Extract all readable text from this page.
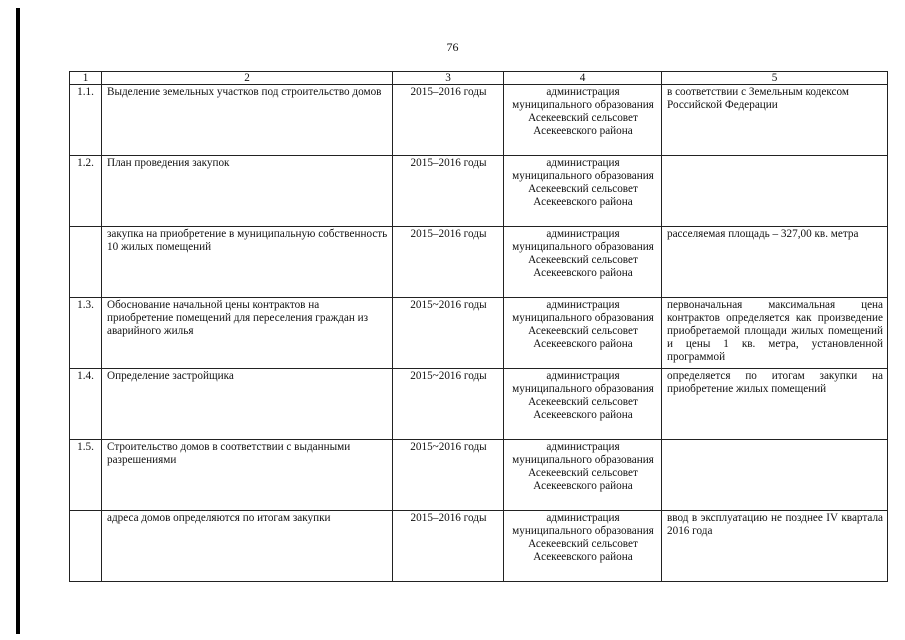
76
1	2	3	4	5
1.1.	Выделение земельных участков под строительство домов	2015–2016 годы	администрация муниципального образования Асекеевский сельсовет Асекеевского района	в соответствии с Земельным кодексом Российской Федерации
1.2.	План проведения закупок	2015–2016 годы	администрация муниципального образования Асекеевский сельсовет Асекеевского района	
	закупка на приобретение в муниципальную собственность 10 жилых помещений	2015–2016 годы	администрация муниципального образования Асекеевский сельсовет Асекеевского района	расселяемая площадь – 327,00 кв. метра
1.3.	Обоснование начальной цены контрактов на приобретение помещений для переселения граждан из аварийного жилья	2015~2016 годы	администрация муниципального образования Асекеевский сельсовет Асекеевского района	первоначальная максимальная цена контрактов определяется как произведение приобретаемой площади жилых помещений и цены 1 кв. метра, установленной программой
1.4.	Определение застройщика	2015~2016 годы	администрация муниципального образования Асекеевский сельсовет Асекеевского района	определяется по итогам закупки на приобретение жилых помещений
1.5.	Строительство домов в соответствии с выданными разрешениями	2015~2016 годы	администрация муниципального образования Асекеевский сельсовет Асекеевского района	
	адреса домов определяются по итогам закупки	2015–2016 годы	администрация муниципального образования Асекеевский сельсовет Асекеевского района	ввод в эксплуатацию не позднее IV квартала 2016 года
